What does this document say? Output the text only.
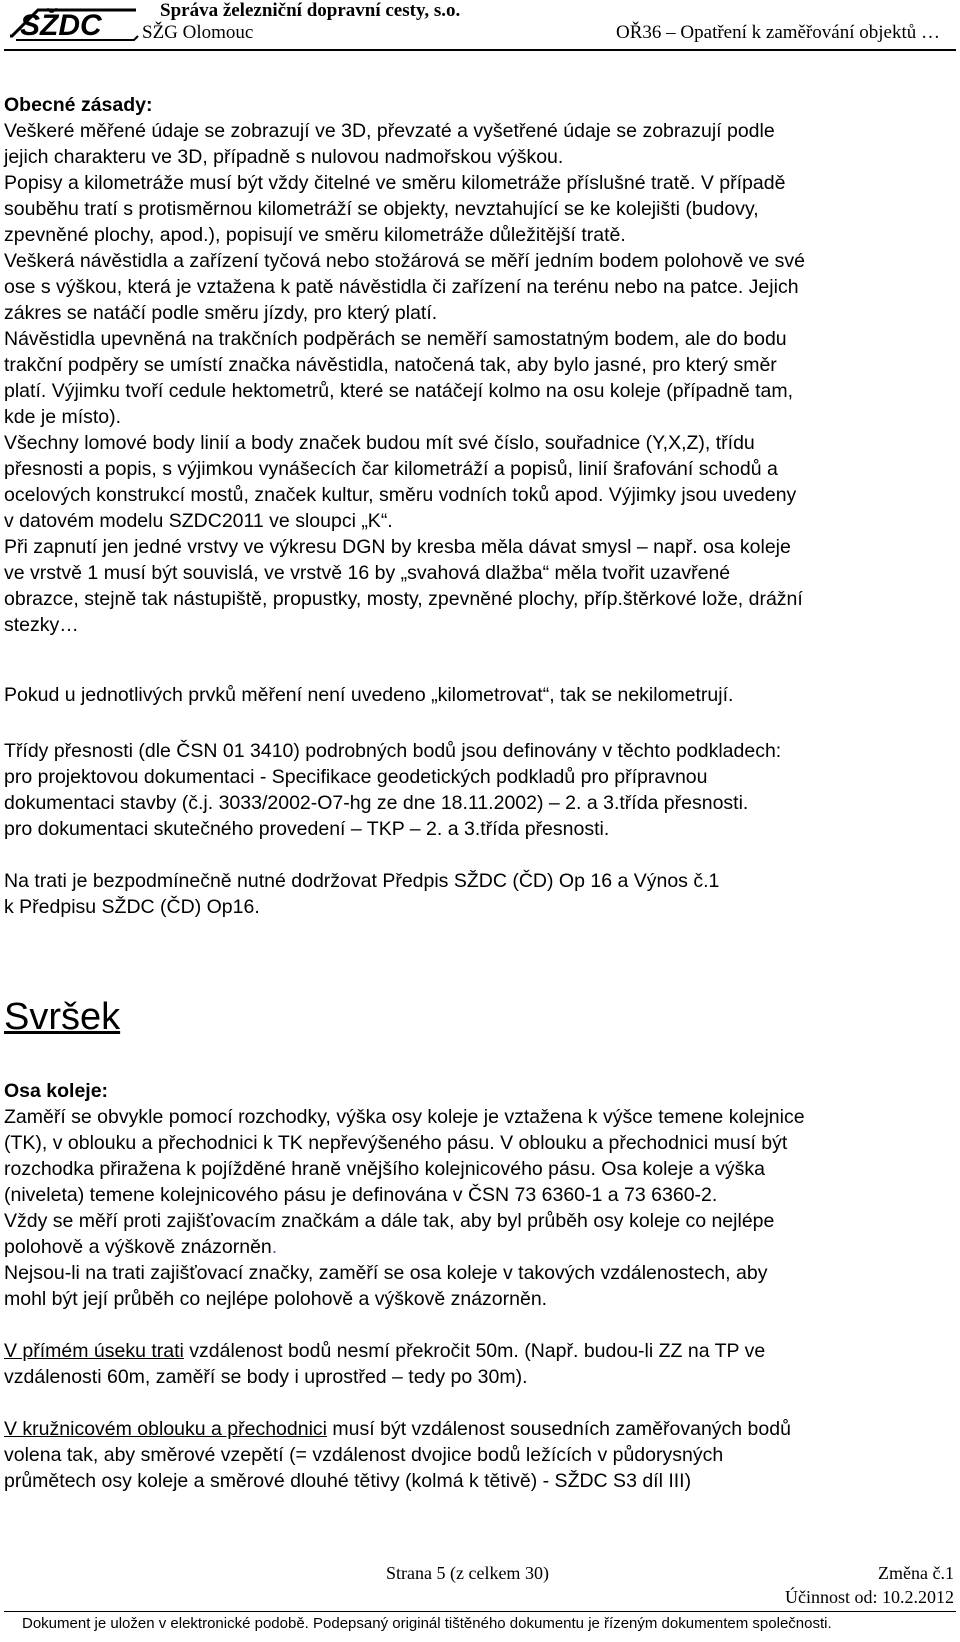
SŽDC	Správa železniční dopravní cesty, s.o.
SŽG Olomouc	OŘ36 – Opatření k zaměřování objektů …
Obecné zásady:
Veškeré měřené údaje se zobrazují ve 3D, převzaté a vyšetřené údaje se zobrazují podle
jejich charakteru ve 3D, případně s nulovou nadmořskou výškou.
Popisy a kilometráže musí být vždy čitelné ve směru kilometráže příslušné tratě. V případě
souběhu tratí s protisměrnou kilometráží se objekty, nevztahující se ke kolejišti (budovy,
zpevněné plochy, apod.), popisují ve směru kilometráže důležitější tratě.
Veškerá návěstidla a zařízení tyčová nebo stožárová se měří jedním bodem polohově ve své
ose s výškou, která je vztažena k patě návěstidla či zařízení na terénu nebo na patce. Jejich
zákres se natáčí podle směru jízdy, pro který platí.
Návěstidla upevněná na trakčních podpěrách se neměří samostatným bodem, ale do bodu
trakční podpěry se umístí značka návěstidla, natočená tak, aby bylo jasné, pro který směr
platí. Výjimku tvoří cedule hektometrů, které se natáčejí kolmo na osu koleje (případně tam,
kde je místo).
Všechny lomové body linií a body značek budou mít své číslo, souřadnice (Y,X,Z), třídu
přesnosti a popis, s výjimkou vynášecích čar kilometráží a popisů, linií šrafování schodů a
ocelových konstrukcí mostů, značek kultur, směru vodních toků apod. Výjimky jsou uvedeny
v datovém modelu SZDC2011 ve sloupci „K“.
Při zapnutí jen jedné vrstvy ve výkresu DGN by kresba měla dávat smysl – např. osa koleje
ve vrstvě 1 musí být souvislá, ve vrstvě 16 by „svahová dlažba“ měla tvořit uzavřené
obrazce, stejně tak nástupiště, propustky, mosty, zpevněné plochy, příp.štěrkové lože, drážní
stezky…
Pokud u jednotlivých prvků měření není uvedeno „kilometrovat“, tak se nekilometrují.
Třídy přesnosti (dle ČSN 01 3410) podrobných bodů jsou definovány v těchto podkladech:
pro projektovou dokumentaci - Specifikace geodetických podkladů pro přípravnou
dokumentaci stavby (č.j. 3033/2002-O7-hg ze dne 18.11.2002) – 2. a 3.třída přesnosti.
pro dokumentaci skutečného provedení – TKP – 2. a 3.třída přesnosti.
Na trati je bezpodmínečně nutné dodržovat Předpis SŽDC (ČD) Op 16 a Výnos č.1
k Předpisu SŽDC (ČD) Op16.
Svršek
Osa koleje:
Zaměří se obvykle pomocí rozchodky, výška osy koleje je vztažena k výšce temene kolejnice
(TK), v oblouku a přechodnici k TK nepřevýšeného pásu. V oblouku a přechodnici musí být
rozchodka přiražena k pojížděné hraně vnějšího kolejnicového pásu. Osa koleje a výška
(niveleta) temene kolejnicového pásu je definována v ČSN 73 6360-1 a 73 6360-2.
Vždy se měří proti zajišťovacím značkám a dále tak, aby byl průběh osy koleje co nejlépe
polohově a výškově znázorněn.
Nejsou-li na trati zajišťovací značky, zaměří se osa koleje v takových vzdálenostech, aby
mohl být její průběh co nejlépe polohově a výškově znázorněn.
V přímém úseku trati vzdálenost bodů nesmí překročit 50m. (Např. budou-li ZZ na TP ve
vzdálenosti 60m, zaměří se body i uprostřed – tedy po 30m).
V kružnicovém oblouku a přechodnici musí být vzdálenost sousedních zaměřovaných bodů
volena tak, aby směrové vzepětí (= vzdálenost dvojice bodů ležících v půdorysných
průmětech osy koleje a směrové dlouhé tětivy (kolmá k tětivě) - SŽDC S3 díl III)
Strana 5 (z celkem 30)	Změna č.1
Účinnost od: 10.2.2012
Dokument je uložen v elektronické podobě. Podepsaný originál tištěného dokumentu je řízeným dokumentem společnosti.
